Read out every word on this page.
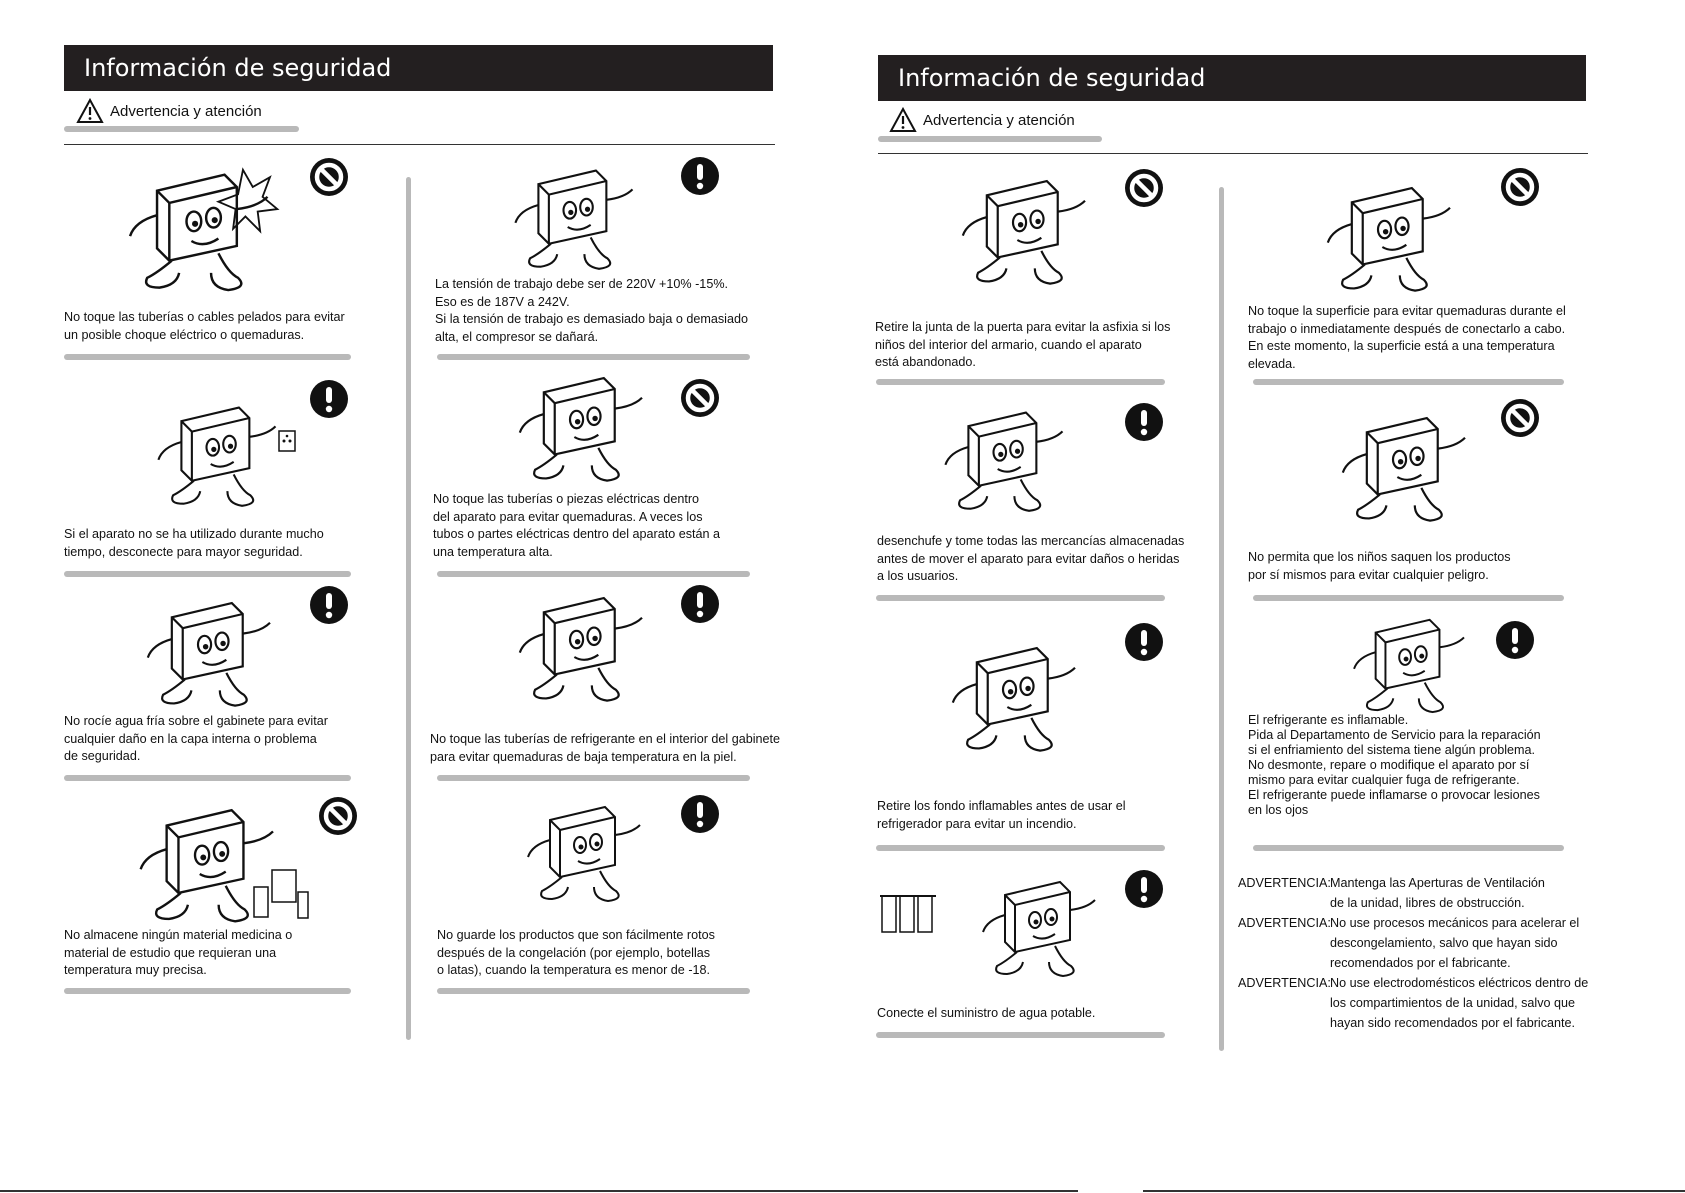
Información de seguridad
Advertencia y atención
No toque las tuberías o cables pelados para evitar
un posible choque eléctrico o quemaduras.
Si el aparato no se ha utilizado durante mucho
tiempo, desconecte para mayor seguridad.
No rocíe agua fría sobre el gabinete para evitar
cualquier daño en la capa interna o problema
de seguridad.
No almacene ningún material medicina o
material de estudio que requieran una
temperatura muy precisa.
La tensión de trabajo debe ser de 220V +10% -15%.
Eso es de 187V a 242V.
Si la tensión de trabajo es demasiado baja o demasiado
alta, el compresor se dañará.
No toque las tuberías o piezas eléctricas dentro
del aparato para evitar quemaduras. A veces los
tubos o partes eléctricas dentro del aparato están a
una temperatura alta.
No toque las tuberías de refrigerante en el interior del gabinete
para evitar quemaduras de baja temperatura en la piel.
No guarde los productos que son fácilmente rotos
después de la congelación (por ejemplo, botellas
o latas), cuando la temperatura es menor de -18.
Información de seguridad
Advertencia y atención
Retire la junta de la puerta para evitar la asfixia si los
niños del interior del armario, cuando el aparato
está abandonado.
desenchufe y tome todas las mercancías almacenadas
antes de mover el aparato para evitar daños o heridas
a los usuarios.
Retire los fondo inflamables antes de usar el
refrigerador para evitar un incendio.
Conecte el suministro de agua potable.
No toque la superficie para evitar quemaduras durante el
trabajo o inmediatamente después de conectarlo a cabo.
En este momento, la superficie está a una temperatura
elevada.
No permita que los niños saquen los productos
por sí mismos para evitar cualquier peligro.
El refrigerante es inflamable.
Pida al Departamento de Servicio para la reparación
si el enfriamiento del sistema tiene algún problema.
No desmonte, repare o modifique el aparato por sí
mismo para evitar cualquier fuga de refrigerante.
El refrigerante puede inflamarse o provocar lesiones
en los ojos
ADVERTENCIA: Mantenga las Aperturas de Ventilación
de la unidad, libres de obstrucción.
ADVERTENCIA: No use procesos mecánicos para acelerar el
descongelamiento, salvo que hayan sido
recomendados por el fabricante.
ADVERTENCIA: No use electrodomésticos eléctricos dentro de
los compartimientos de la unidad, salvo que
hayan sido recomendados por el fabricante.
